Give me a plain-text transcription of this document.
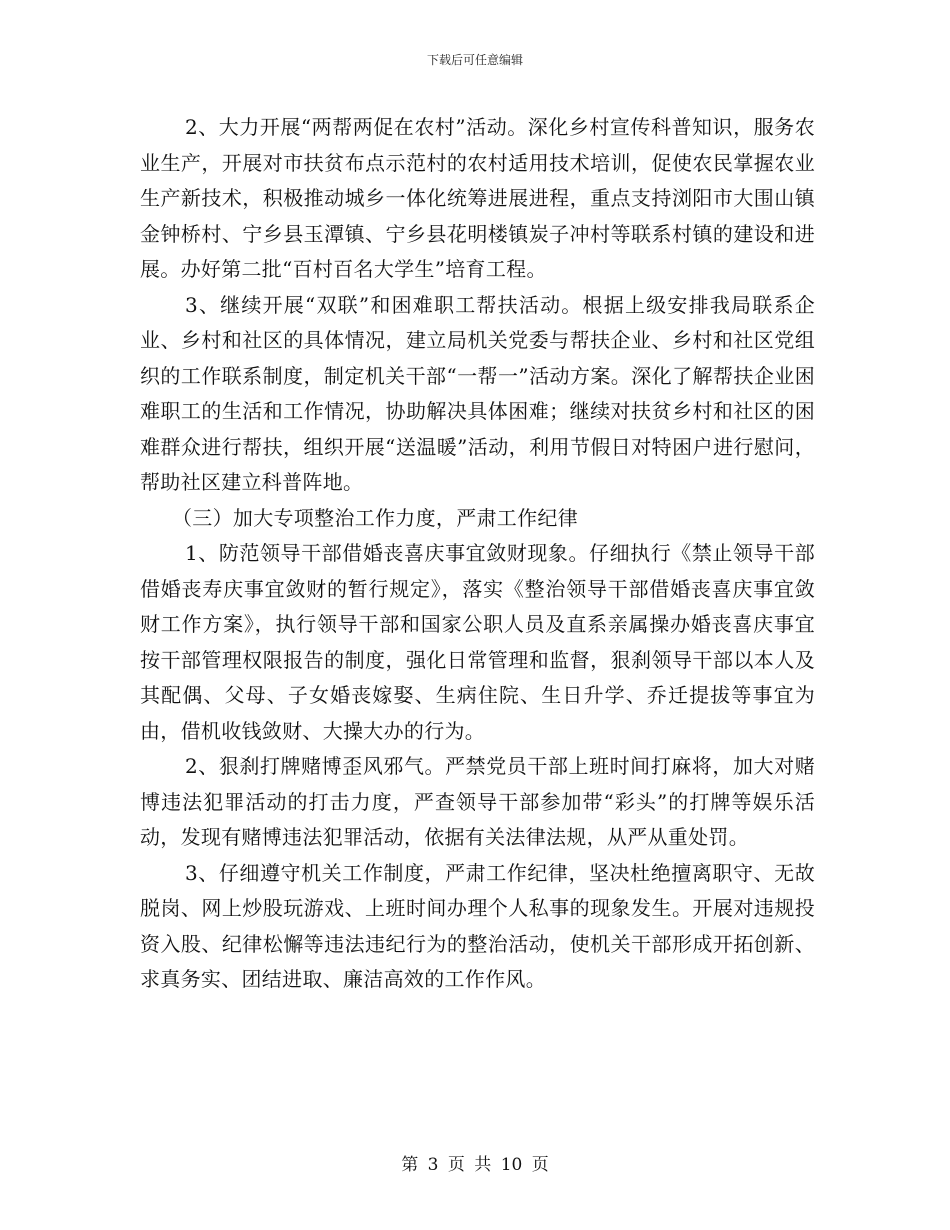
下载后可任意编辑

2、大力开展“两帮两促在农村”活动。深化乡村宣传科普知识，服务农业生产，开展对市扶贫布点示范村的农村适用技术培训，促使农民掌握农业生产新技术，积极推动城乡一体化统筹进展进程，重点支持浏阳市大围山镇金钟桥村、宁乡县玉潭镇、宁乡县花明楼镇炭子冲村等联系村镇的建设和进展。办好第二批“百村百名大学生”培育工程。

3、继续开展“双联”和困难职工帮扶活动。根据上级安排我局联系企业、乡村和社区的具体情况，建立局机关党委与帮扶企业、乡村和社区党组织的工作联系制度，制定机关干部“一帮一”活动方案。深化了解帮扶企业困难职工的生活和工作情况，协助解决具体困难；继续对扶贫乡村和社区的困难群众进行帮扶，组织开展“送温暖”活动，利用节假日对特困户进行慰问，帮助社区建立科普阵地。

（三）加大专项整治工作力度，严肃工作纪律

1、防范领导干部借婚丧喜庆事宜敛财现象。仔细执行《禁止领导干部借婚丧寿庆事宜敛财的暂行规定》，落实《整治领导干部借婚丧喜庆事宜敛财工作方案》，执行领导干部和国家公职人员及直系亲属操办婚丧喜庆事宜按干部管理权限报告的制度，强化日常管理和监督，狠刹领导干部以本人及其配偶、父母、子女婚丧嫁娶、生病住院、生日升学、乔迁提拔等事宜为由，借机收钱敛财、大操大办的行为。

2、狠刹打牌赌博歪风邪气。严禁党员干部上班时间打麻将，加大对赌博违法犯罪活动的打击力度，严查领导干部参加带“彩头”的打牌等娱乐活动，发现有赌博违法犯罪活动，依据有关法律法规，从严从重处罚。

3、仔细遵守机关工作制度，严肃工作纪律，坚决杜绝擅离职守、无故脱岗、网上炒股玩游戏、上班时间办理个人私事的现象发生。开展对违规投资入股、纪律松懈等违法违纪行为的整治活动，使机关干部形成开拓创新、求真务实、团结进取、廉洁高效的工作作风。

第 3 页 共 10 页
